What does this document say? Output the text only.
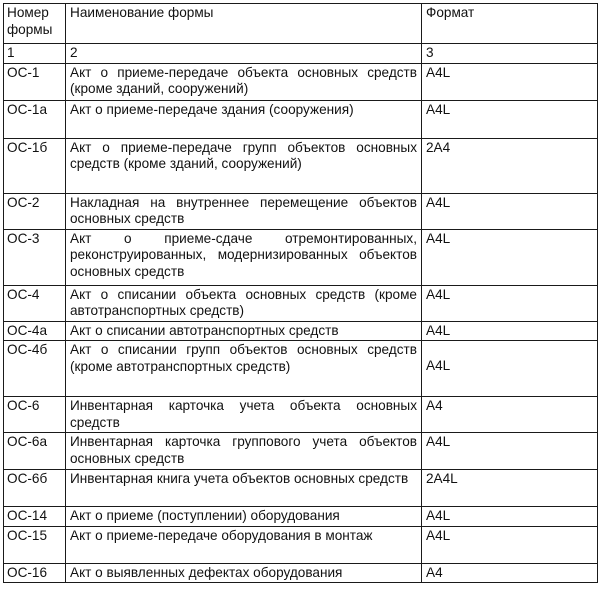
Номер формы	Наименование формы	Формат
1	2	3
ОС-1	Акт о приеме-передаче объекта основных средств (кроме зданий, сооружений)	A4L
ОС-1а	Акт о приеме-передаче здания (сооружения)	A4L
ОС-1б	Акт о приеме-передаче групп объектов основных средств (кроме зданий, сооружений)	2A4
ОС-2	Накладная на внутреннее перемещение объектов основных средств	A4L
ОС-3	Акт о приеме-сдаче отремонтированных, реконструированных, модернизированных объектов основных средств	A4L
ОС-4	Акт о списании объекта основных средств (кроме автотранспортных средств)	A4L
ОС-4а	Акт о списании автотранспортных средств	A4L
ОС-4б	Акт о списании групп объектов основных средств (кроме автотранспортных средств)	A4L
ОС-6	Инвентарная карточка учета объекта основных средств	A4
ОС-6а	Инвентарная карточка группового учета объектов основных средств	A4L
ОС-6б	Инвентарная книга учета объектов основных средств	2A4L
ОС-14	Акт о приеме (поступлении) оборудования	A4L
ОС-15	Акт о приеме-передаче оборудования в монтаж	A4L
ОС-16	Акт о выявленных дефектах оборудования	A4
